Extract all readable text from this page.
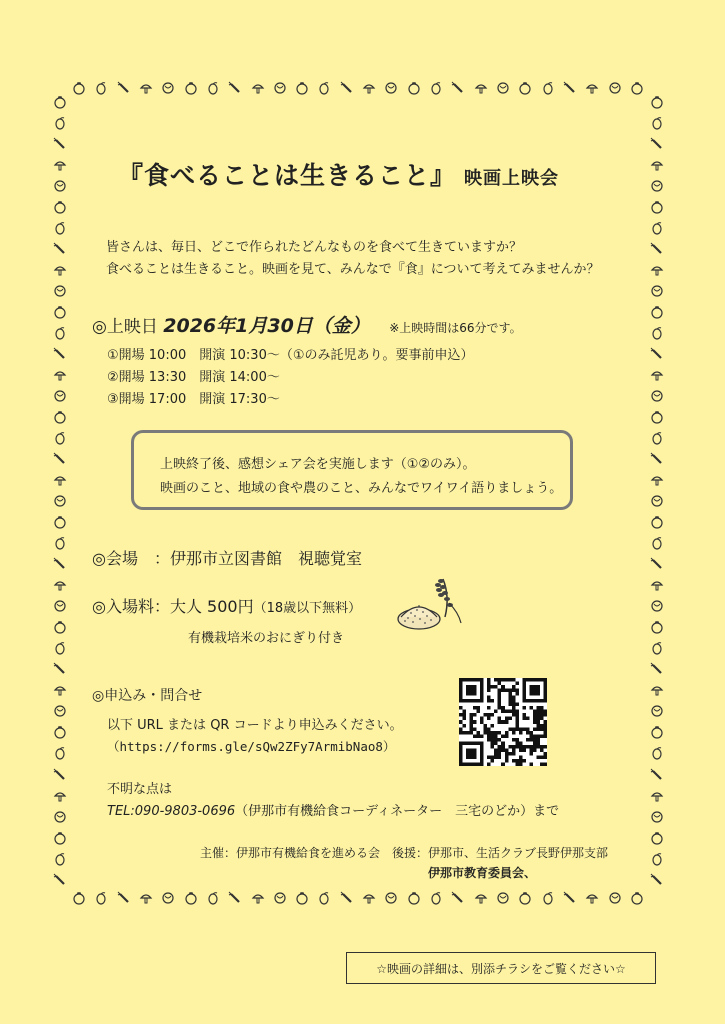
『食べることは生きること』 映画上映会
皆さんは、毎日、どこで作られたどんなものを食べて生きていますか？
食べることは生きること。映画を見て、みんなで『食』について考えてみませんか？
◎上映日 2026年1月30日（金） ※上映時間は66分です。
①開場 10:00　開演 10:30～（①のみ託児あり。要事前申込）
②開場 13:30　開演 14:00～
③開場 17:00　開演 17:30～
上映終了後、感想シェア会を実施します（①②のみ）。
映画のこと、地域の食や農のこと、みんなでワイワイ語りましょう。
◎会場　：伊那市立図書館　視聴覚室
◎入場料：大人 500円（18歳以下無料）
有機栽培米のおにぎり付き
◎申込み・問合せ
以下 URL または QR コードより申込みください。
（https://forms.gle/sQw2ZFy7ArmibNao8）
不明な点は
TEL:090-9803-0696（伊那市有機給食コーディネーター　三宅のどか）まで
主催：伊那市有機給食を進める会　後援：伊那市、生活クラブ長野伊那支部
伊那市教育委員会、
☆映画の詳細は、別添チラシをご覧ください☆
